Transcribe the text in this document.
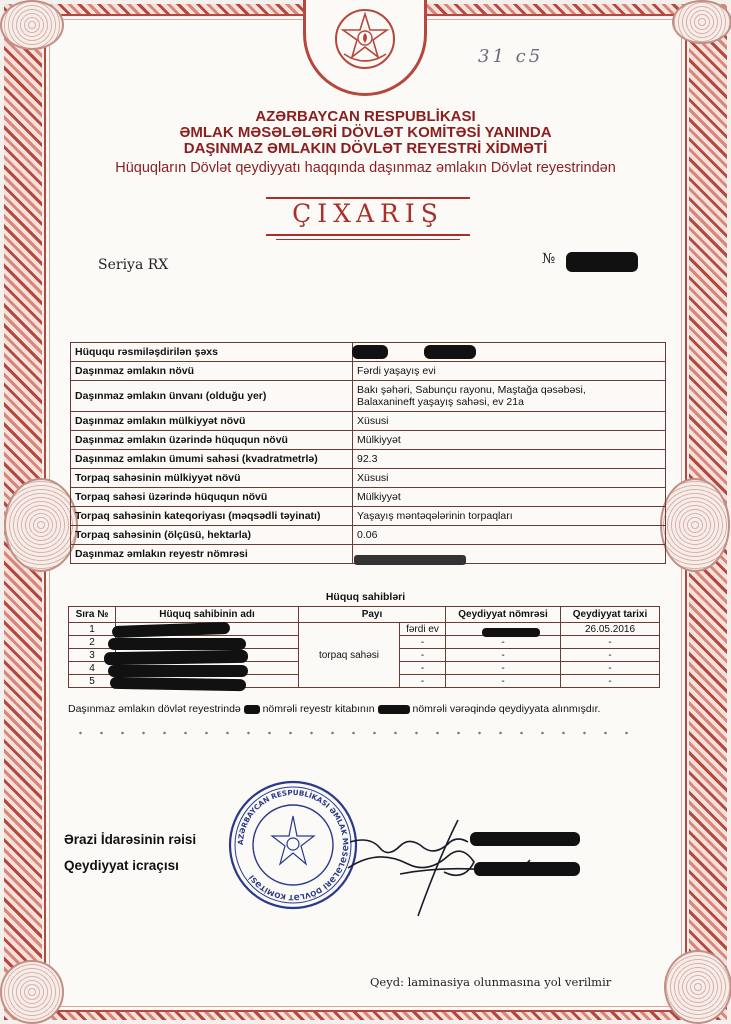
31 c5
AZƏRBAYCAN RESPUBLİKASI
ƏMLAK MƏSƏLƏLƏRİ DÖVLƏT KOMİTƏSİ YANINDA
DAŞINMAZ ƏMLAKIN DÖVLƏT REYESTRİ XİDMƏTİ
Hüquqların Dövlət qeydiyyatı haqqında daşınmaz əmlakın Dövlət reyestrindən
ÇIXARIŞ
Seriya RX	№
Hüququ rəsmiləşdirilən şəxs	
Daşınmaz əmlakın növü	Fərdi yaşayış evi
Daşınmaz əmlakın ünvanı (olduğu yer)	Bakı şəhəri, Sabunçu rayonu, Maştağa qəsəbəsi,
Balaxanineft yaşayış sahəsi, ev 21a

Daşınmaz əmlakın mülkiyyət növü	Xüsusi
Daşınmaz əmlakın üzərində hüququn növü	Mülkiyyət
Daşınmaz əmlakın ümumi sahəsi (kvadratmetrlə)	92.3
Torpaq sahəsinin mülkiyyət növü	Xüsusi
Torpaq sahəsi üzərində hüququn növü	Mülkiyyət
Torpaq sahəsinin kateqoriyası (məqsədli təyinatı)	Yaşayış məntəqələrinin torpaqları
Torpaq sahəsinin (ölçüsü, hektarla)	0.06
Daşınmaz əmlakın reyestr nömrəsi	
Hüquq sahibləri
Sıra №	Hüquq sahibinin adı	Payı		Qeydiyyat nömrəsi	Qeydiyyat tarixi
1		torpaq sahəsi	fərdi ev		26.05.2016
2			-	-	-
3			-	-	-
4			-	-	-
5			-	-	-
Daşınmaz əmlakın dövlət reyestrində nömrəli reyestr kitabının	nömrəli vərəqində qeydiyyata alınmışdır.
Ərazi İdarəsinin rəisi
Qeydiyyat icraçısı
AZƏRBAYCAN RESPUBLİKASI ƏMLAK MƏSƏLƏLƏRİ DÖVLƏT KOMİTƏSİ
Qeyd: laminasiya olunmasına yol verilmir
